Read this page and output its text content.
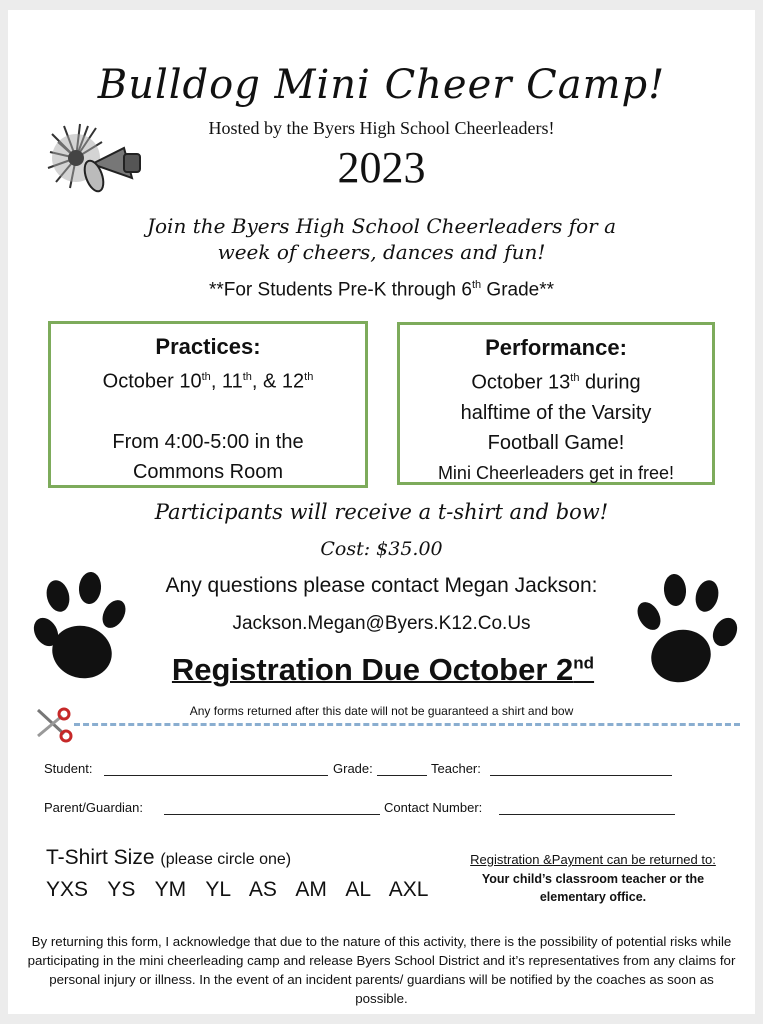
Bulldog Mini Cheer Camp!
Hosted by the Byers High School Cheerleaders!
2023
Join the Byers High School Cheerleaders for a
week of cheers, dances and fun!
**For Students Pre-K through 6th Grade**
Practices:
October 10th, 11th, & 12th
From 4:00-5:00 in the
Commons Room
Performance:
October 13th during
halftime of the Varsity
Football Game!
Mini Cheerleaders get in free!
Participants will receive a t-shirt and bow!
Cost: $35.00
Any questions please contact Megan Jackson:
Jackson.Megan@Byers.K12.Co.Us
Registration Due October 2nd
Any forms returned after this date will not be guaranteed a shirt and bow
Student:	Grade:	Teacher:
Parent/Guardian:	Contact Number:
T-Shirt Size (please circle one)
YXS  YS  YM  YL  AS  AM  AL  AXL
Registration &Payment can be returned to:
Your child’s classroom teacher or the
elementary office.
By returning this form, I acknowledge that due to the nature of this activity, there is the possibility of potential risks while participating in the mini cheerleading camp and release Byers School District and it’s representatives from any claims for personal injury or illness. In the event of an incident parents/ guardians will be notified by the coaches as soon as possible.
